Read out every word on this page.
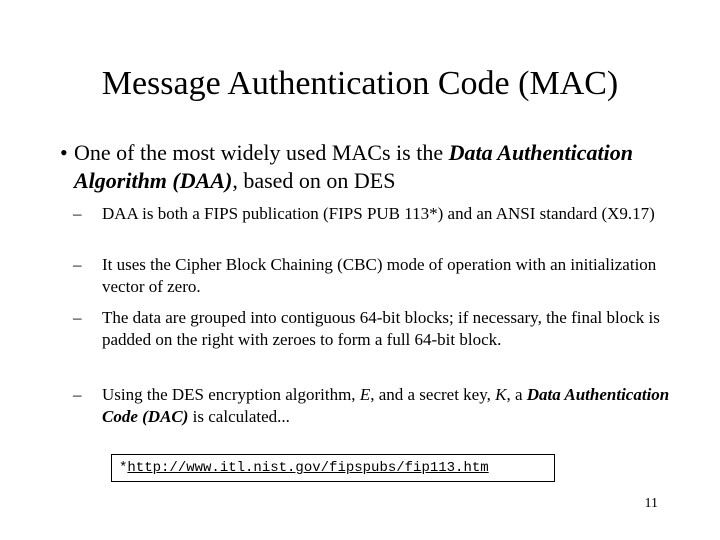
Message Authentication Code (MAC)
• One of the most widely used MACs is the Data Authentication Algorithm (DAA), based on on DES
–	DAA is both a FIPS publication (FIPS PUB 113*) and an ANSI standard (X9.17)
–	It uses the Cipher Block Chaining (CBC) mode of operation with an initialization vector of zero.
–	The data are grouped into contiguous 64-bit blocks; if necessary, the final block is padded on the right with zeroes to form a full 64-bit block.
–	Using the DES encryption algorithm, E, and a secret key, K, a Data Authentication Code (DAC) is calculated...
*http://www.itl.nist.gov/fipspubs/fip113.htm
11
